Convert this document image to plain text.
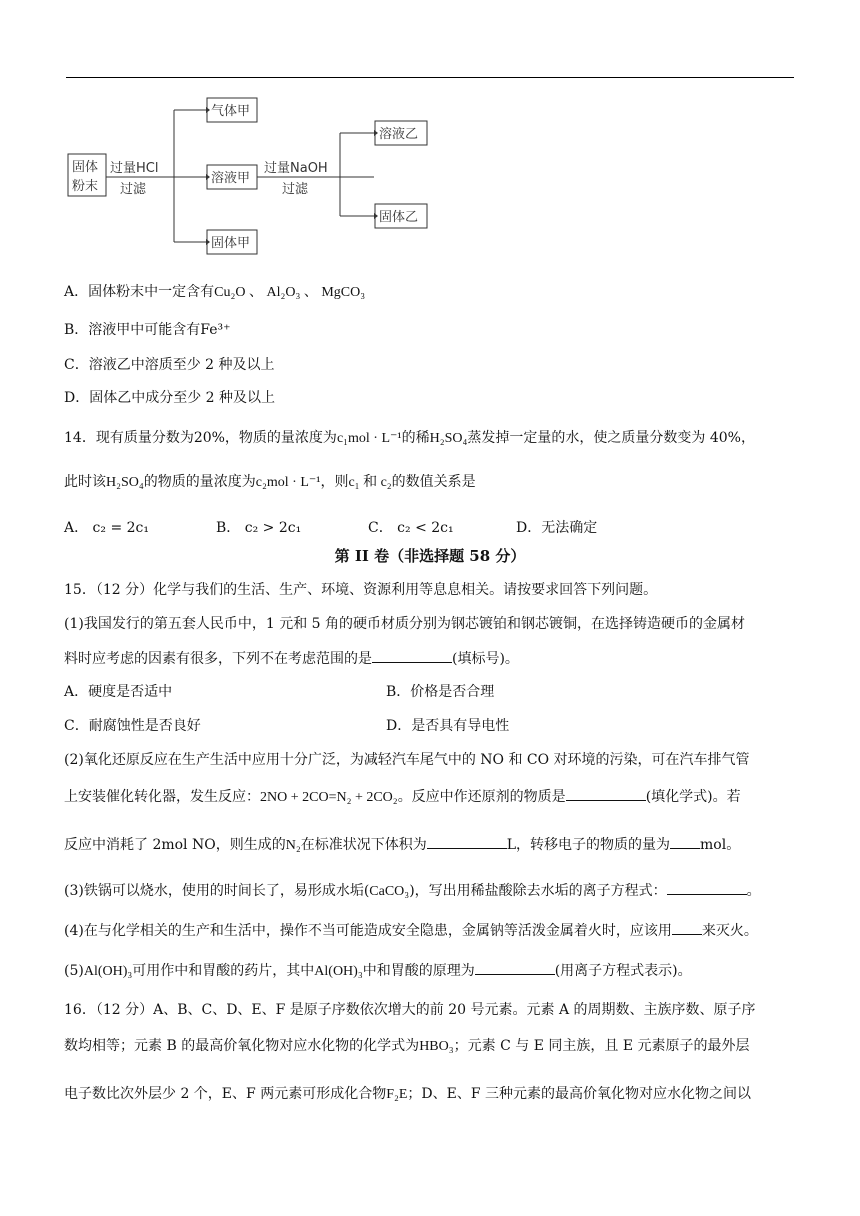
固体
粉末
过量HCl
过滤
气体甲
溶液甲
固体甲
过量NaOH
过滤
溶液乙
固体乙
A．固体粉末中一定含有Cu₂O 、 Al₂O₃ 、 MgCO₃
B．溶液甲中可能含有Fe³⁺
C．溶液乙中溶质至少 2 种及以上
D．固体乙中成分至少 2 种及以上
14．现有质量分数为20%，物质的量浓度为c₁mol · L⁻¹的稀H₂SO₄蒸发掉一定量的水，使之质量分数变为 40%，
此时该H₂SO₄的物质的量浓度为c₂mol · L⁻¹，则c₁ 和 c₂的数值关系是
A． c₂ = 2c₁	B． c₂ > 2c₁	C． c₂ < 2c₁	D．无法确定
第 II 卷（非选择题 58 分）
15．（12 分）化学与我们的生活、生产、环境、资源利用等息息相关。请按要求回答下列问题。
(1)我国发行的第五套人民币中，1 元和 5 角的硬币材质分别为钢芯镀铂和钢芯镀铜，在选择铸造硬币的金属材
料时应考虑的因素有很多，下列不在考虑范围的是	(填标号)。
A．硬度是否适中	B．价格是否合理
C．耐腐蚀性是否良好	D．是否具有导电性
(2)氧化还原反应在生产生活中应用十分广泛，为减轻汽车尾气中的 NO 和 CO 对环境的污染，可在汽车排气管
上安装催化转化器，发生反应：2NO + 2CO=N₂ + 2CO₂。反应中作还原剂的物质是	(填化学式)。若
反应中消耗了 2mol NO，则生成的N₂在标准状况下体积为	L，转移电子的物质的量为 mol。
(3)铁锅可以烧水，使用的时间长了，易形成水垢(CaCO₃)，写出用稀盐酸除去水垢的离子方程式：	。
(4)在与化学相关的生产和生活中，操作不当可能造成安全隐患，金属钠等活泼金属着火时，应该用 来灭火。
(5)Al(OH)₃可用作中和胃酸的药片，其中Al(OH)₃中和胃酸的原理为	(用离子方程式表示)。
16．（12 分）A、B、C、D、E、F 是原子序数依次增大的前 20 号元素。元素 A 的周期数、主族序数、原子序
数均相等；元素 B 的最高价氧化物对应水化物的化学式为HBO₃；元素 C 与 E 同主族，且 E 元素原子的最外层
电子数比次外层少 2 个，E、F 两元素可形成化合物F₂E；D、E、F 三种元素的最高价氧化物对应水化物之间以
